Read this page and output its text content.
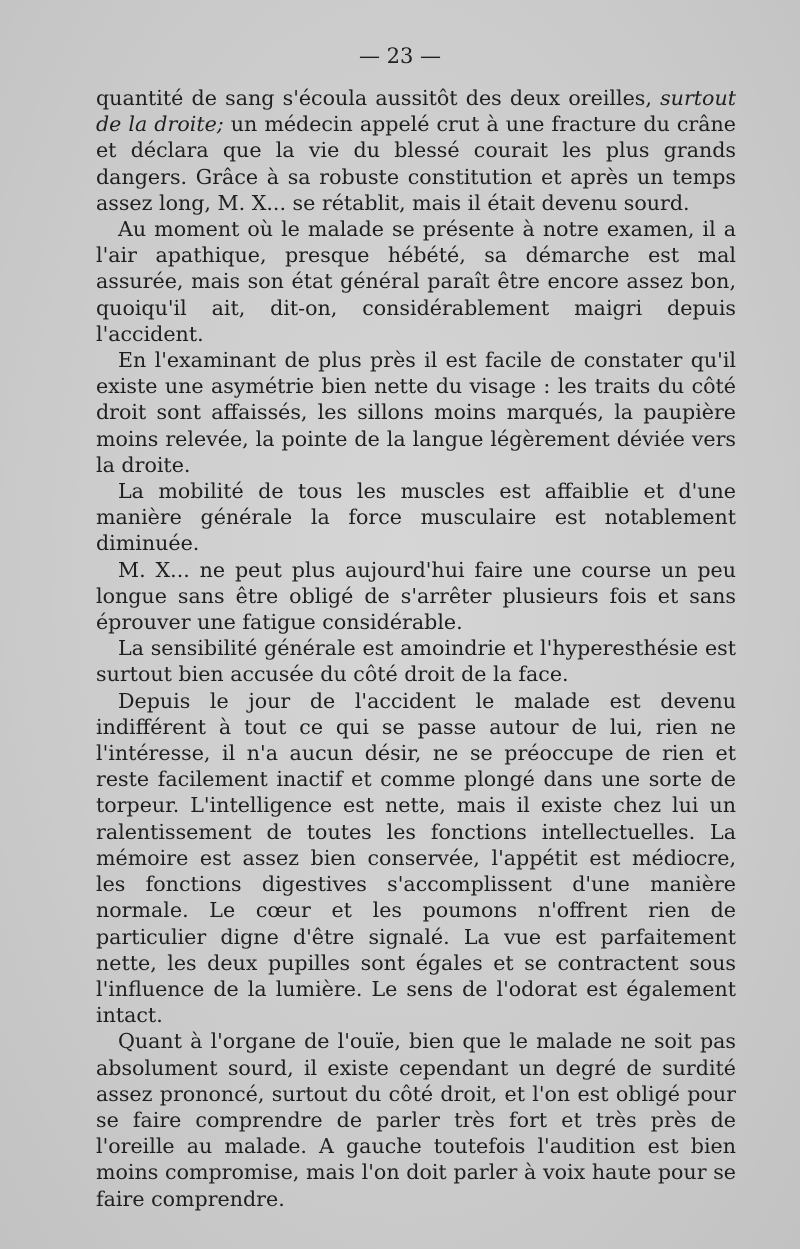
— 23 —

quantité de sang s'écoula aussitôt des deux oreilles, surtout de la droite; un médecin appelé crut à une fracture du crâne et déclara que la vie du blessé courait les plus grands dangers. Grâce à sa robuste constitution et après un temps assez long, M. X... se rétablit, mais il était devenu sourd.

Au moment où le malade se présente à notre examen, il a l'air apathique, presque hébété, sa démarche est mal assurée, mais son état général paraît être encore assez bon, quoiqu'il ait, dit-on, considérablement maigri depuis l'accident.

En l'examinant de plus près il est facile de constater qu'il existe une asymétrie bien nette du visage : les traits du côté droit sont affaissés, les sillons moins marqués, la paupière moins relevée, la pointe de la langue légèrement déviée vers la droite.

La mobilité de tous les muscles est affaiblie et d'une manière générale la force musculaire est notablement diminuée.

M. X... ne peut plus aujourd'hui faire une course un peu longue sans être obligé de s'arrêter plusieurs fois et sans éprouver une fatigue considérable.

La sensibilité générale est amoindrie et l'hyperesthésie est surtout bien accusée du côté droit de la face.

Depuis le jour de l'accident le malade est devenu indifférent à tout ce qui se passe autour de lui, rien ne l'intéresse, il n'a aucun désir, ne se préoccupe de rien et reste facilement inactif et comme plongé dans une sorte de torpeur. L'intelligence est nette, mais il existe chez lui un ralentissement de toutes les fonctions intellectuelles. La mémoire est assez bien conservée, l'appétit est médiocre, les fonctions digestives s'accomplissent d'une manière normale. Le cœur et les poumons n'offrent rien de particulier digne d'être signalé. La vue est parfaitement nette, les deux pupilles sont égales et se contractent sous l'influence de la lumière. Le sens de l'odorat est également intact.

Quant à l'organe de l'ouïe, bien que le malade ne soit pas absolument sourd, il existe cependant un degré de surdité assez prononcé, surtout du côté droit, et l'on est obligé pour se faire comprendre de parler très fort et très près de l'oreille au malade. A gauche toutefois l'audition est bien moins compromise, mais l'on doit parler à voix haute pour se faire comprendre.
